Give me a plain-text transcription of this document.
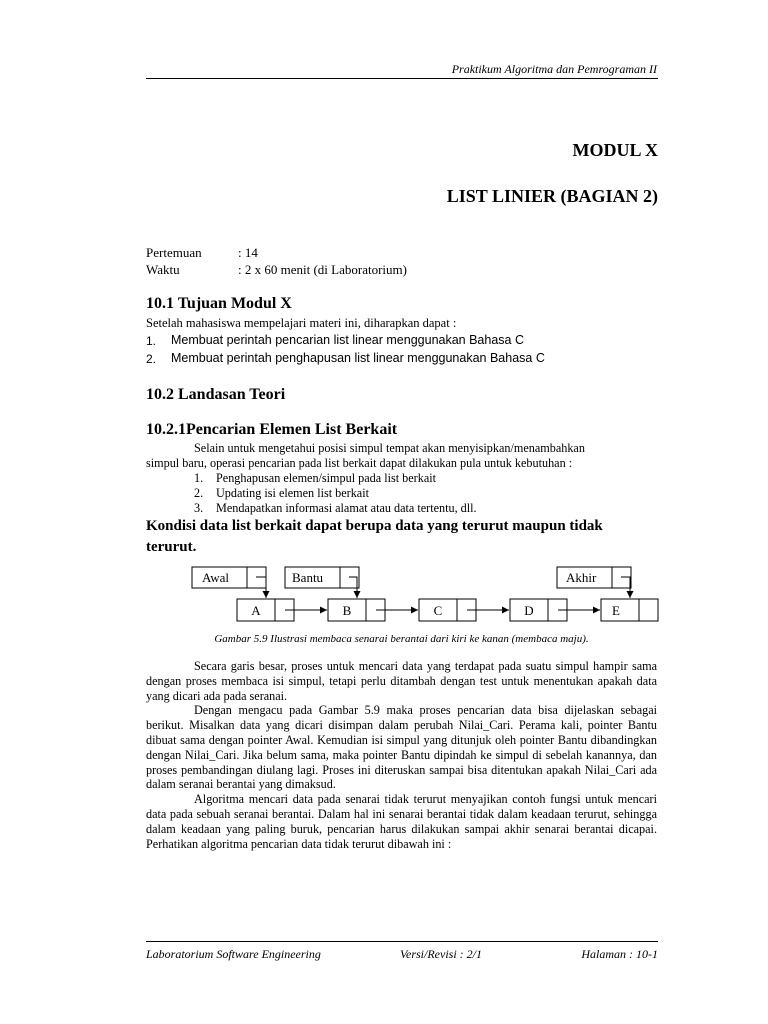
Praktikum Algoritma dan Pemrograman II
MODUL X
LIST LINIER (BAGIAN 2)
Pertemuan	: 14
Waktu	: 2 x 60 menit (di Laboratorium)
10.1 Tujuan Modul X
Setelah mahasiswa mempelajari materi ini, diharapkan dapat :
1. Membuat perintah pencarian list linear menggunakan Bahasa C
2. Membuat perintah penghapusan list linear menggunakan Bahasa C
10.2 Landasan Teori
10.2.1Pencarian Elemen List Berkait
Selain untuk mengetahui posisi simpul tempat akan menyisipkan/menambahkan
simpul baru, operasi pencarian pada list berkait dapat dilakukan pula untuk kebutuhan :
1. Penghapusan elemen/simpul pada list berkait
2. Updating isi elemen list berkait
3. Mendapatkan informasi alamat atau data tertentu, dll.
Kondisi data list berkait dapat berupa data yang terurut maupun tidak
terurut.
Awal	Bantu	Akhir
A	B	C	D	E
Gambar 5.9 Ilustrasi membaca senarai berantai dari kiri ke kanan (membaca maju).

Secara garis besar, proses untuk mencari data yang terdapat pada suatu simpul hampir sama dengan proses membaca isi simpul, tetapi perlu ditambah dengan test untuk menentukan apakah data yang dicari ada pada seranai.

Dengan mengacu pada Gambar 5.9 maka proses pencarian data bisa dijelaskan sebagai berikut. Misalkan data yang dicari disimpan dalam perubah Nilai_Cari. Perama kali, pointer Bantu dibuat sama dengan pointer Awal. Kemudian isi simpul yang ditunjuk oleh pointer Bantu dibandingkan dengan Nilai_Cari. Jika belum sama, maka pointer Bantu dipindah ke simpul di sebelah kanannya, dan proses pembandingan diulang lagi. Proses ini diteruskan sampai bisa ditentukan apakah Nilai_Cari ada dalam seranai berantai yang dimaksud.

Algoritma mencari data pada senarai tidak terurut menyajikan contoh fungsi untuk mencari data pada sebuah seranai berantai. Dalam hal ini senarai berantai tidak dalam keadaan terurut, sehingga dalam keadaan yang paling buruk, pencarian harus dilakukan sampai akhir senarai berantai dicapai. Perhatikan algoritma pencarian data tidak terurut dibawah ini :

Laboratorium Software Engineering	Versi/Revisi : 2/1	Halaman : 10-1
